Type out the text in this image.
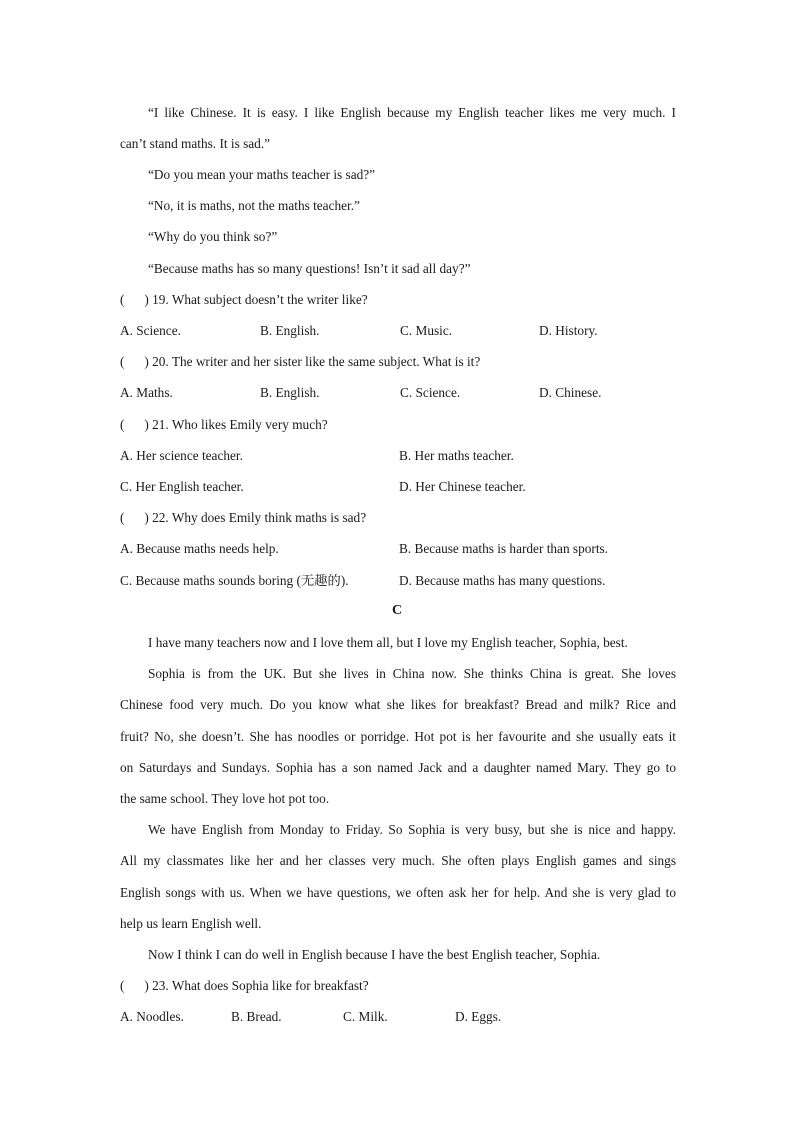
“I like Chinese. It is easy. I like English because my English teacher likes me very much. I
can’t stand maths. It is sad.”
“Do you mean your maths teacher is sad?”
“No, it is maths, not the maths teacher.”
“Why do you think so?”
“Because maths has so many questions! Isn’t it sad all day?”
(      ) 19. What subject doesn’t the writer like?
A. Science.	B. English.	C. Music.	D. History.
(      ) 20. The writer and her sister like the same subject. What is it?
A. Maths.	B. English.	C. Science.	D. Chinese.
(      ) 21. Who likes Emily very much?
A. Her science teacher.	B. Her maths teacher.
C. Her English teacher.	D. Her Chinese teacher.
(      ) 22. Why does Emily think maths is sad?
A. Because maths needs help.	B. Because maths is harder than sports.
C. Because maths sounds boring (无趣的).	D. Because maths has many questions.
C
I have many teachers now and I love them all, but I love my English teacher, Sophia, best.
Sophia is from the UK. But she lives in China now. She thinks China is great. She loves
Chinese food very much. Do you know what she likes for breakfast? Bread and milk? Rice and
fruit? No, she doesn’t. She has noodles or porridge. Hot pot is her favourite and she usually eats it
on Saturdays and Sundays. Sophia has a son named Jack and a daughter named Mary. They go to
the same school. They love hot pot too.
We have English from Monday to Friday. So Sophia is very busy, but she is nice and happy.
All my classmates like her and her classes very much. She often plays English games and sings
English songs with us. When we have questions, we often ask her for help. And she is very glad to
help us learn English well.
Now I think I can do well in English because I have the best English teacher, Sophia.
(      ) 23. What does Sophia like for breakfast?
A. Noodles.	B. Bread.	C. Milk.	D. Eggs.
